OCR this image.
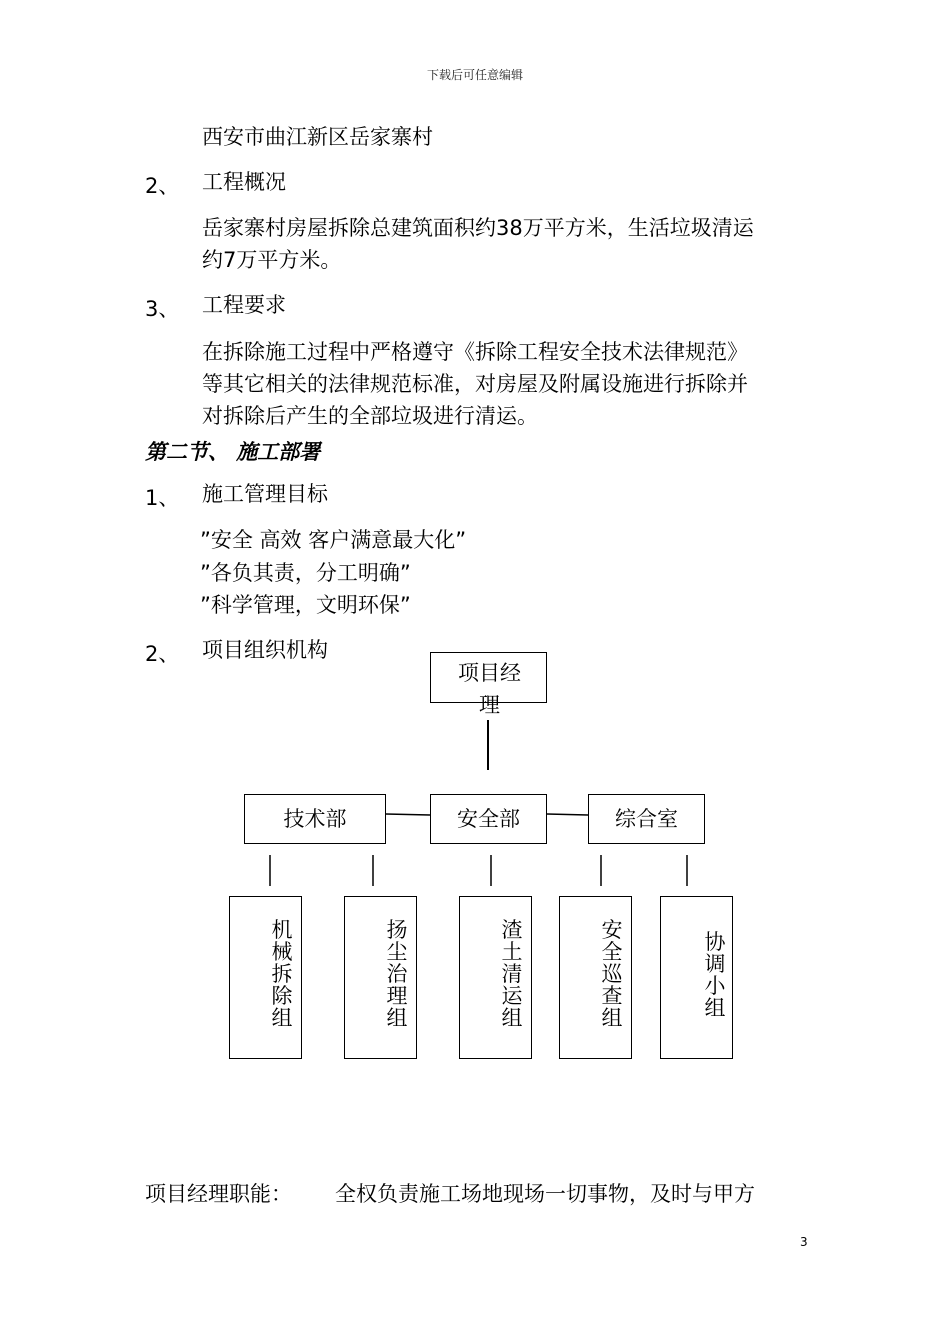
下载后可任意编辑
西安市曲江新区岳家寨村
2、 工程概况
岳家寨村房屋拆除总建筑面积约38万平方米，生活垃圾清运
约7万平方米。
3、 工程要求
在拆除施工过程中严格遵守《拆除工程安全技术法律规范》
等其它相关的法律规范标准，对房屋及附属设施进行拆除并
对拆除后产生的全部垃圾进行清运。
第二节、 施工部署
1、 施工管理目标
”安全 高效 客户满意最大化”
”各负其责，分工明确”
”科学管理，文明环保”
2、 项目组织机构
项目经理
技术部	安全部	综合室
机械拆除组
扬尘治理组
渣土清运组
安全巡查组
协调小组
项目经理职能： 全权负责施工场地现场一切事物，及时与甲方
3
